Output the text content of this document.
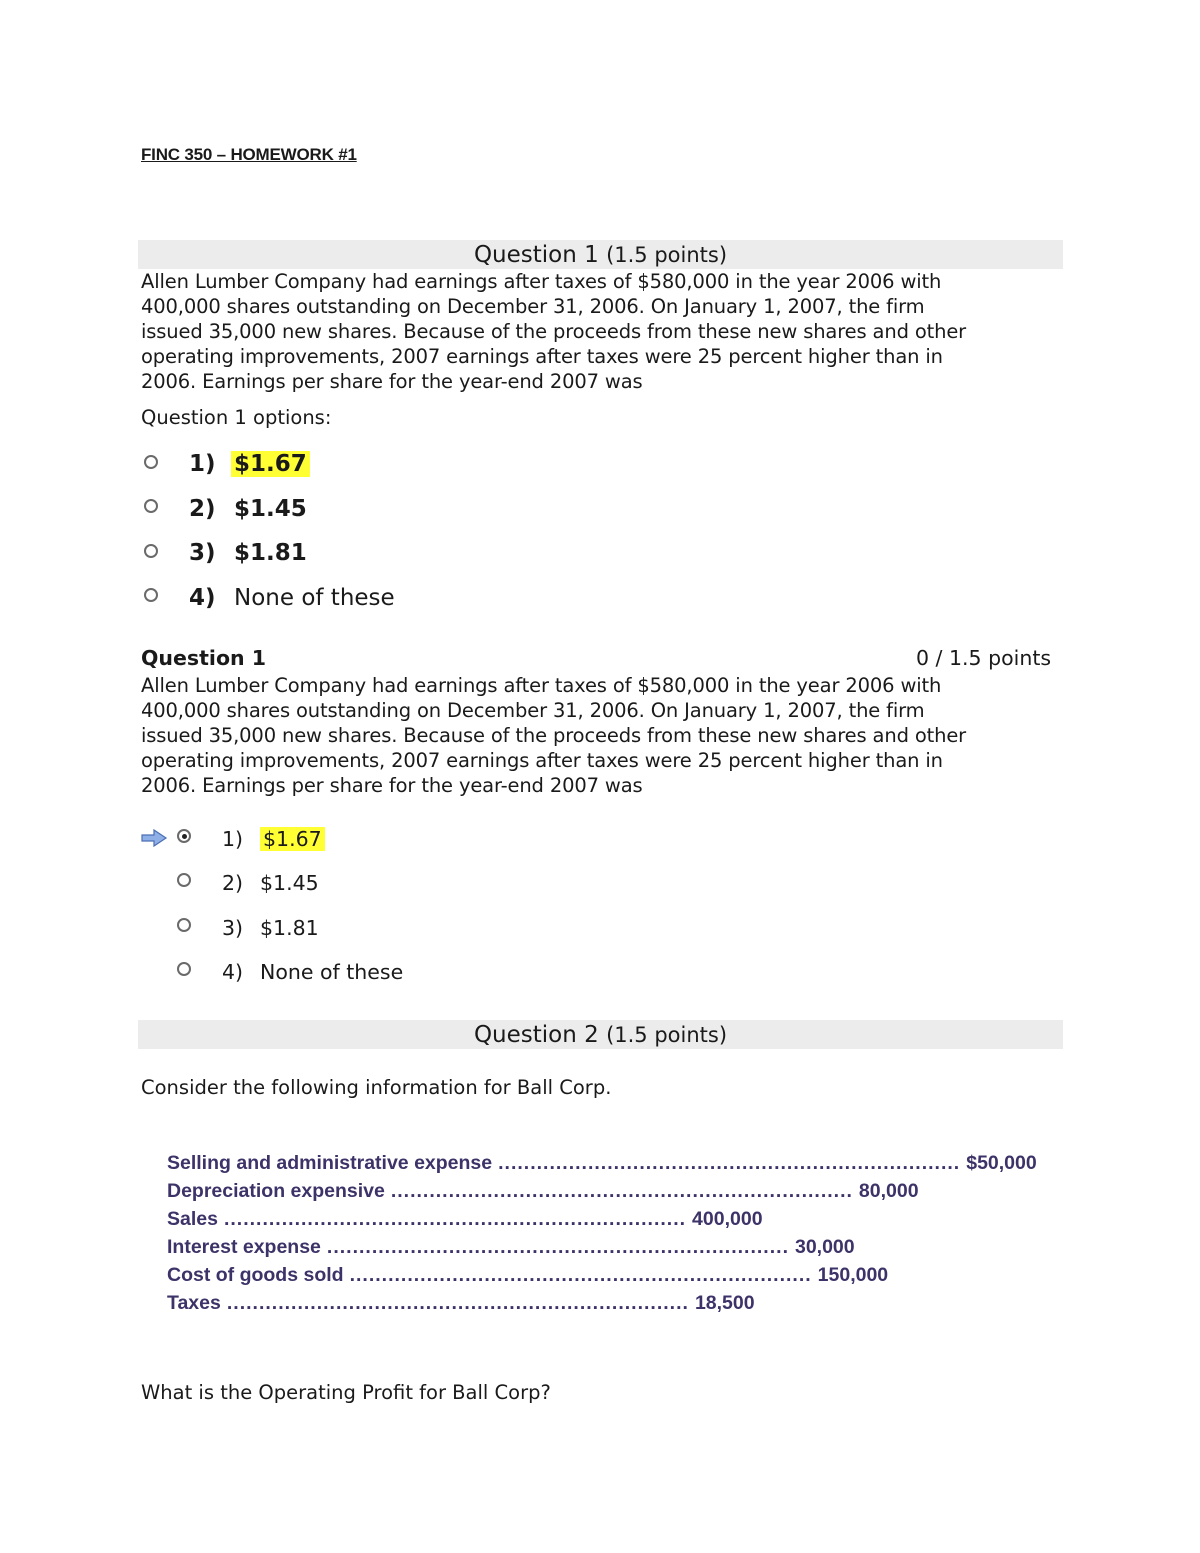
FINC 350 – HOMEWORK #1
Question 1 (1.5 points)

Allen Lumber Company had earnings after taxes of $580,000 in the year 2006 with

400,000 shares outstanding on December 31, 2006. On January 1, 2007, the firm

issued 35,000 new shares. Because of the proceeds from these new shares and other

operating improvements, 2007 earnings after taxes were 25 percent higher than in

2006. Earnings per share for the year-end 2007 was

Question 1 options:
1) $1.67
2) $1.45
3) $1.81
4) None of these
Question 1	0 / 1.5 points

Allen Lumber Company had earnings after taxes of $580,000 in the year 2006 with

400,000 shares outstanding on December 31, 2006. On January 1, 2007, the firm

issued 35,000 new shares. Because of the proceeds from these new shares and other

operating improvements, 2007 earnings after taxes were 25 percent higher than in

2006. Earnings per share for the year-end 2007 was

1) $1.67
2) $1.45
3) $1.81
4) None of these
Question 2 (1.5 points)
Consider the following information for Ball Corp.
Selling and administrative expense ........................................................................ $ 50,000
Depreciation expensive ........................................................................ 80,000
Sales ........................................................................ 400,000
Interest expense ........................................................................ 30,000
Cost of goods sold ........................................................................ 150,000
Taxes ........................................................................ 18,500
What is the Operating Profit for Ball Corp?
